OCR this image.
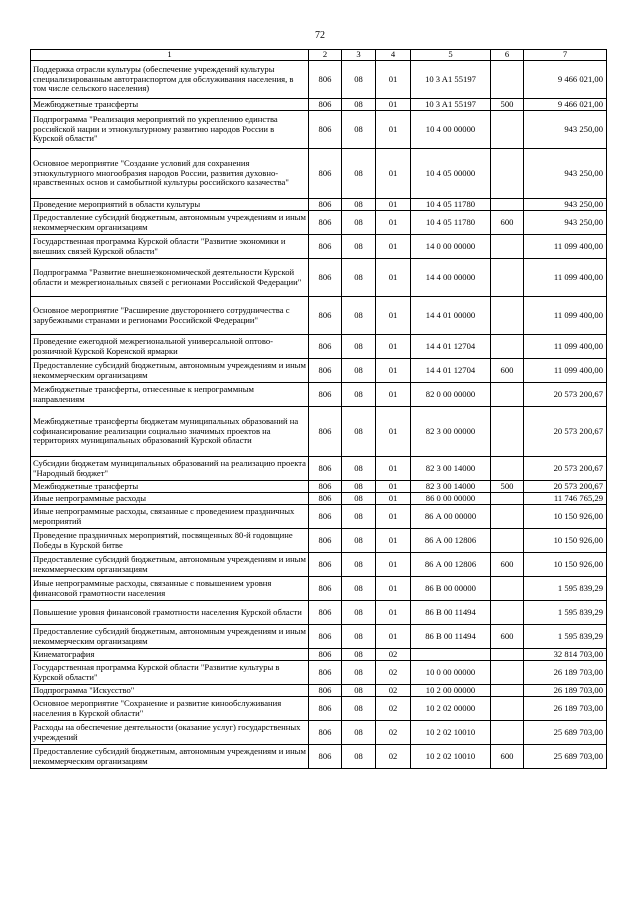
72
1	2	3	4	5	6	7
Поддержка отрасли культуры (обеспечение учреждений культуры специализированным автотранспортом для обслуживания населения, в том числе сельского населения)	806	08	01	10 3 A1 55197		9 466 021,00
Межбюджетные трансферты	806	08	01	10 3 A1 55197	500	9 466 021,00
Подпрограмма "Реализация мероприятий по укреплению единства российской нации и этнокультурному развитию народов России в Курской области"	806	08	01	10 4 00 00000		943 250,00
Основное мероприятие "Создание условий для сохранения этнокультурного многообразия народов России, развития духовно-нравственных основ и самобытной культуры российского казачества"	806	08	01	10 4 05 00000		943 250,00
Проведение мероприятий в области культуры	806	08	01	10 4 05 11780		943 250,00
Предоставление субсидий бюджетным, автономным учреждениям и иным некоммерческим организациям	806	08	01	10 4 05 11780	600	943 250,00
Государственная программа Курской области "Развитие экономики и внешних связей Курской области"	806	08	01	14 0 00 00000		11 099 400,00
Подпрограмма "Развитие внешнеэкономической деятельности Курской области и межрегиональных связей с регионами Российской Федерации"	806	08	01	14 4 00 00000		11 099 400,00
Основное мероприятие "Расширение двустороннего сотрудничества с зарубежными странами и регионами Российской Федерации"	806	08	01	14 4 01 00000		11 099 400,00
Проведение ежегодной межрегиональной универсальной оптово-розничной Курской Коренской ярмарки	806	08	01	14 4 01 12704		11 099 400,00
Предоставление субсидий бюджетным, автономным учреждениям и иным некоммерческим организациям	806	08	01	14 4 01 12704	600	11 099 400,00
Межбюджетные трансферты, отнесенные к непрограммным направлениям	806	08	01	82 0 00 00000		20 573 200,67
Межбюджетные трансферты бюджетам муниципальных образований на софинансирование реализации социально значимых проектов на территориях муниципальных образований Курской области	806	08	01	82 3 00 00000		20 573 200,67
Субсидии бюджетам муниципальных образований на реализацию проекта "Народный бюджет"	806	08	01	82 3 00 14000		20 573 200,67
Межбюджетные трансферты	806	08	01	82 3 00 14000	500	20 573 200,67
Иные непрограммные расходы	806	08	01	86 0 00 00000		11 746 765,29
Иные непрограммные расходы, связанные с проведением праздничных мероприятий	806	08	01	86 А 00 00000		10 150 926,00
Проведение праздничных мероприятий, посвященных 80-й годовщине Победы в Курской битве	806	08	01	86 А 00 12806		10 150 926,00
Предоставление субсидий бюджетным, автономным учреждениям и иным некоммерческим организациям	806	08	01	86 А 00 12806	600	10 150 926,00
Иные непрограммные расходы, связанные с повышением уровня финансовой грамотности населения	806	08	01	86 В 00 00000		1 595 839,29
Повышение уровня финансовой грамотности населения Курской области	806	08	01	86 В 00 11494		1 595 839,29
Предоставление субсидий бюджетным, автономным учреждениям и иным некоммерческим организациям	806	08	01	86 В 00 11494	600	1 595 839,29
Кинематография	806	08	02			32 814 703,00
Государственная программа Курской области "Развитие культуры в Курской области"	806	08	02	10 0 00 00000		26 189 703,00
Подпрограмма "Искусство"	806	08	02	10 2 00 00000		26 189 703,00
Основное мероприятие "Сохранение и развитие кинообслуживания населения в Курской области"	806	08	02	10 2 02 00000		26 189 703,00
Расходы на обеспечение деятельности (оказание услуг) государственных учреждений	806	08	02	10 2 02 10010		25 689 703,00
Предоставление субсидий бюджетным, автономным учреждениям и иным некоммерческим организациям	806	08	02	10 2 02 10010	600	25 689 703,00
